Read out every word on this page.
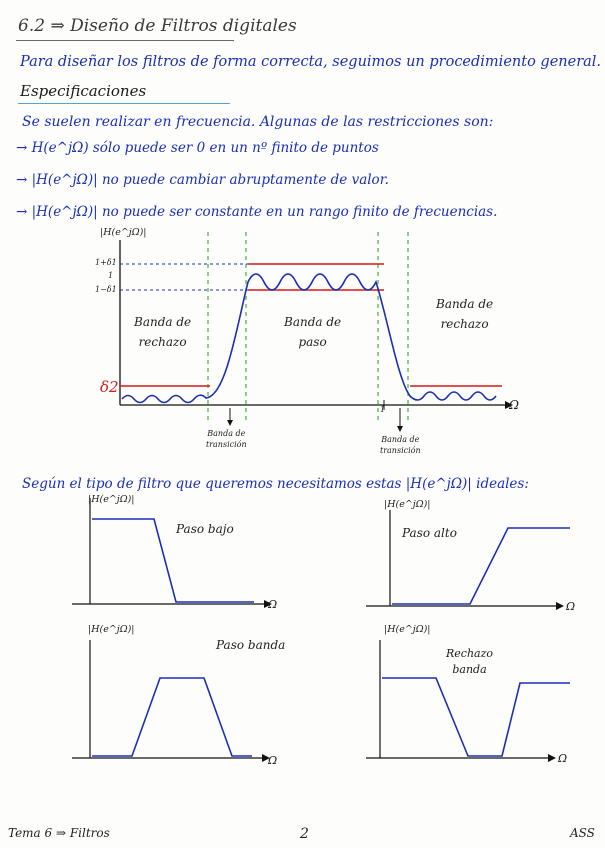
6.2 ⇒ Diseño de Filtros digitales
Para diseñar los filtros de forma correcta, seguimos un procedimiento general.
Especificaciones
Se suelen realizar en frecuencia. Algunas de las restricciones son:
→ H(e^jΩ) sólo puede ser 0 en un nº finito de puntos
→ |H(e^jΩ)| no puede cambiar abruptamente de valor.
→ |H(e^jΩ)| no puede ser constante en un rango finito de frecuencias.
|H(e^jΩ)|
1+δ1
1
1−δ1
δ2
Ω
1
Banda de
rechazo
Banda de
paso
Banda de
rechazo
Banda de
transición
Banda de
transición
Según el tipo de filtro que queremos necesitamos estas |H(e^jΩ)| ideales:
|H(e^jΩ)|
Ω
Paso bajo
|H(e^jΩ)|
Ω
Paso alto
|H(e^jΩ)|
Ω
Paso banda
|H(e^jΩ)|
Ω
Rechazo
banda
Tema 6 ⇒ Filtros	2	ASS
